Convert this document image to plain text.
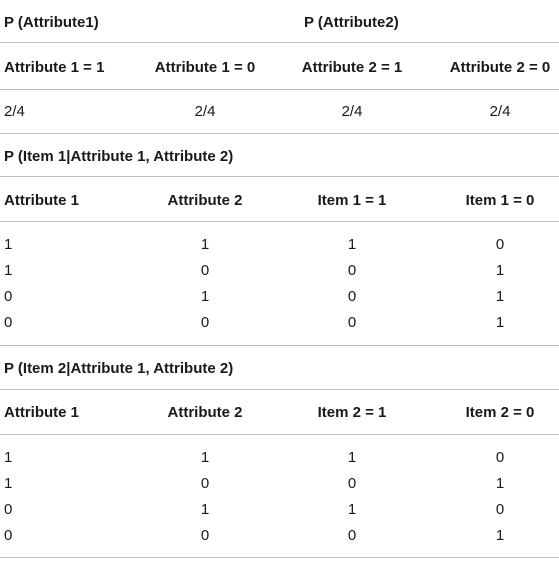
P (Attribute1)	P (Attribute2)
Attribute 1 = 1	Attribute 1 = 0	Attribute 2 = 1	Attribute 2 = 0
2/4	2/4	2/4	2/4
P (Item 1|Attribute 1, Attribute 2)
Attribute 1	Attribute 2	Item 1 = 1	Item 1 = 0
1	1	1	0
1	0	0	1
0	1	0	1
0	0	0	1
P (Item 2|Attribute 1, Attribute 2)
Attribute 1	Attribute 2	Item 2 = 1	Item 2 = 0
1	1	1	0
1	0	0	1
0	1	1	0
0	0	0	1
